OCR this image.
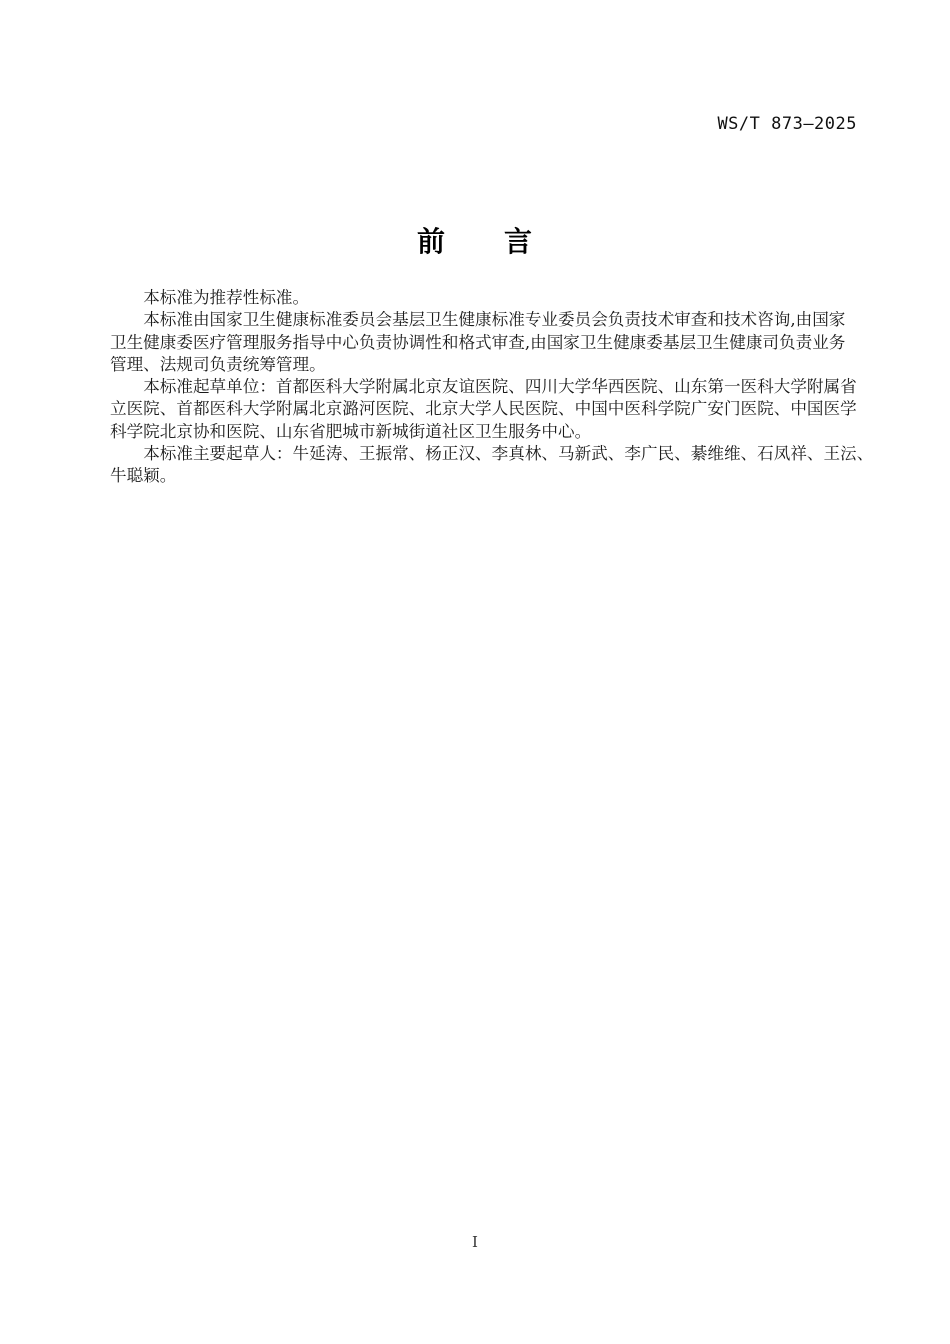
WS/T 873—2025
前　　言
本标准为推荐性标准。
本标准由国家卫生健康标准委员会基层卫生健康标准专业委员会负责技术审查和技术咨询,由国家
卫生健康委医疗管理服务指导中心负责协调性和格式审查,由国家卫生健康委基层卫生健康司负责业务
管理、法规司负责统筹管理。
本标准起草单位：首都医科大学附属北京友谊医院、四川大学华西医院、山东第一医科大学附属省
立医院、首都医科大学附属北京潞河医院、北京大学人民医院、中国中医科学院广安门医院、中国医学
科学院北京协和医院、山东省肥城市新城街道社区卫生服务中心。
本标准主要起草人：牛延涛、王振常、杨正汉、李真林、马新武、李广民、綦维维、石凤祥、王沄、
牛聪颖。
I
